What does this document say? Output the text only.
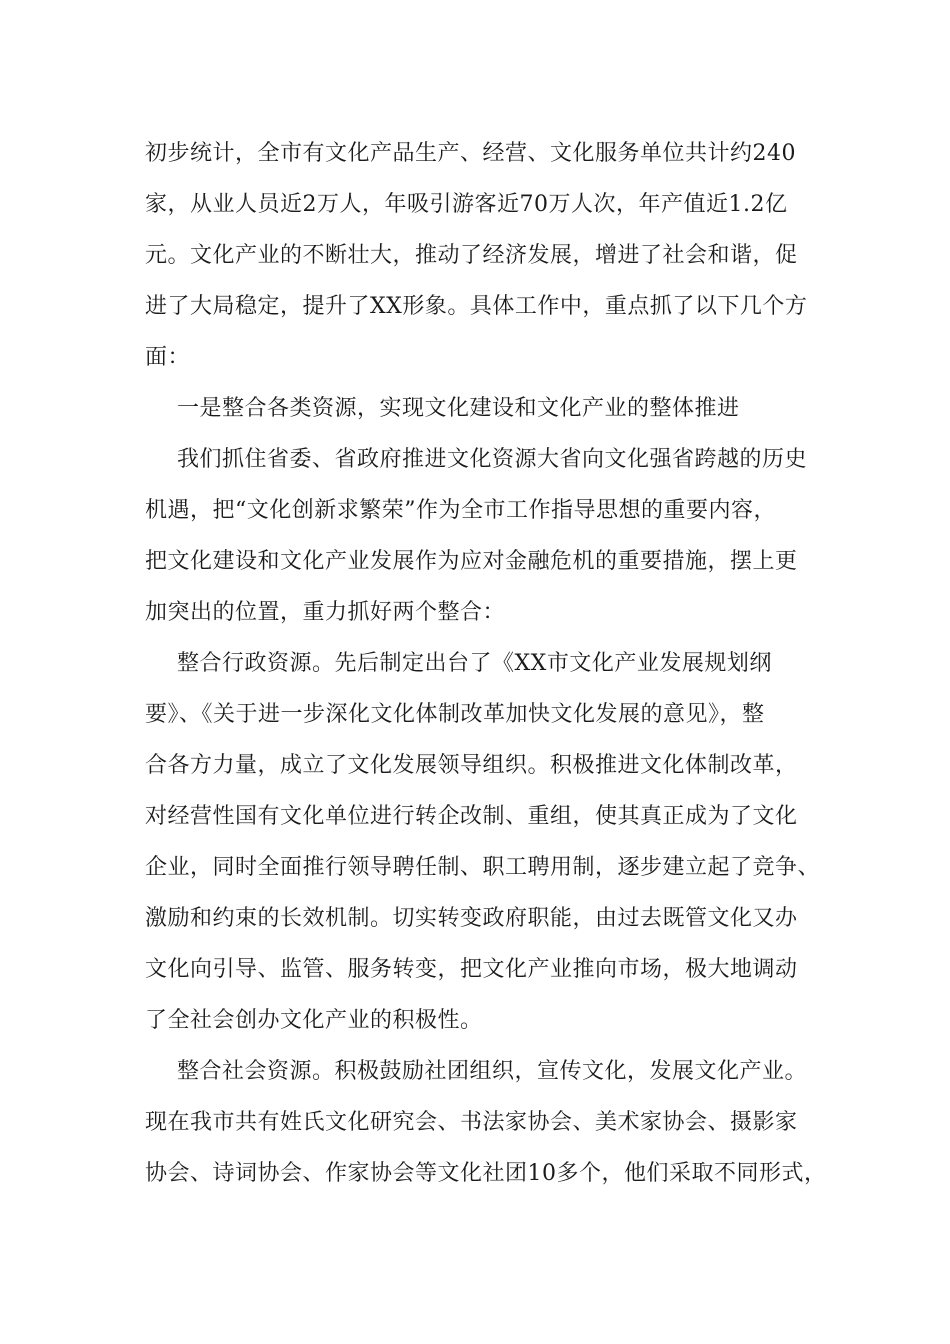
初步统计，全市有文化产品生产、经营、文化服务单位共计约240
家，从业人员近2万人，年吸引游客近70万人次，年产值近1.2亿
元。文化产业的不断壮大，推动了经济发展，增进了社会和谐，促
进了大局稳定，提升了XX形象。具体工作中，重点抓了以下几个方
面：
一是整合各类资源，实现文化建设和文化产业的整体推进
我们抓住省委、省政府推进文化资源大省向文化强省跨越的历史
机遇，把“文化创新求繁荣”作为全市工作指导思想的重要内容，
把文化建设和文化产业发展作为应对金融危机的重要措施，摆上更
加突出的位置，重力抓好两个整合：
整合行政资源。先后制定出台了《XX市文化产业发展规划纲
要》、《关于进一步深化文化体制改革加快文化发展的意见》，整
合各方力量，成立了文化发展领导组织。积极推进文化体制改革，
对经营性国有文化单位进行转企改制、重组，使其真正成为了文化
企业，同时全面推行领导聘任制、职工聘用制，逐步建立起了竞争、
激励和约束的长效机制。切实转变政府职能，由过去既管文化又办
文化向引导、监管、服务转变，把文化产业推向市场，极大地调动
了全社会创办文化产业的积极性。
整合社会资源。积极鼓励社团组织，宣传文化，发展文化产业。
现在我市共有姓氏文化研究会、书法家协会、美术家协会、摄影家
协会、诗词协会、作家协会等文化社团10多个，他们采取不同形式，
